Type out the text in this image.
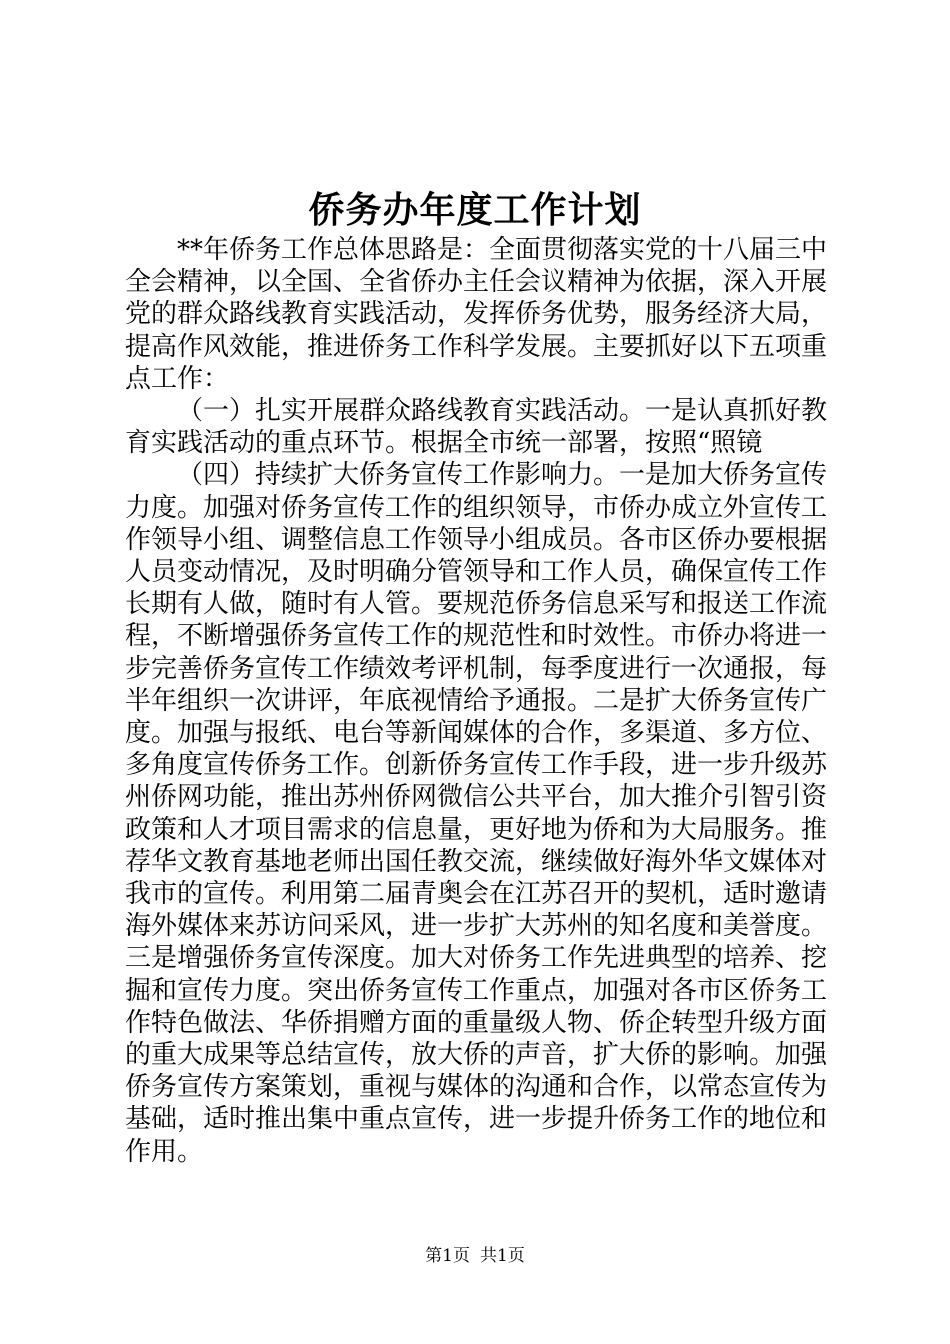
侨务办年度工作计划

**年侨务工作总体思路是：全面贯彻落实党的十八届三中全会精神，以全国、全省侨办主任会议精神为依据，深入开展党的群众路线教育实践活动，发挥侨务优势，服务经济大局，提高作风效能，推进侨务工作科学发展。主要抓好以下五项重点工作：

（一）扎实开展群众路线教育实践活动。一是认真抓好教育实践活动的重点环节。根据全市统一部署，按照“照镜

（四）持续扩大侨务宣传工作影响力。一是加大侨务宣传力度。加强对侨务宣传工作的组织领导，市侨办成立外宣传工作领导小组、调整信息工作领导小组成员。各市区侨办要根据人员变动情况，及时明确分管领导和工作人员，确保宣传工作长期有人做，随时有人管。要规范侨务信息采写和报送工作流程，不断增强侨务宣传工作的规范性和时效性。市侨办将进一步完善侨务宣传工作绩效考评机制，每季度进行一次通报，每半年组织一次讲评，年底视情给予通报。二是扩大侨务宣传广度。加强与报纸、电台等新闻媒体的合作，多渠道、多方位、多角度宣传侨务工作。创新侨务宣传工作手段，进一步升级苏州侨网功能，推出苏州侨网微信公共平台，加大推介引智引资政策和人才项目需求的信息量，更好地为侨和为大局服务。推荐华文教育基地老师出国任教交流，继续做好海外华文媒体对我市的宣传。利用第二届青奥会在江苏召开的契机，适时邀请海外媒体来苏访问采风，进一步扩大苏州的知名度和美誉度。三是增强侨务宣传深度。加大对侨务工作先进典型的培养、挖掘和宣传力度。突出侨务宣传工作重点，加强对各市区侨务工作特色做法、华侨捐赠方面的重量级人物、侨企转型升级方面的重大成果等总结宣传，放大侨的声音，扩大侨的影响。加强侨务宣传方案策划，重视与媒体的沟通和合作，以常态宣传为基础，适时推出集中重点宣传，进一步提升侨务工作的地位和作用。

第1页 共1页
